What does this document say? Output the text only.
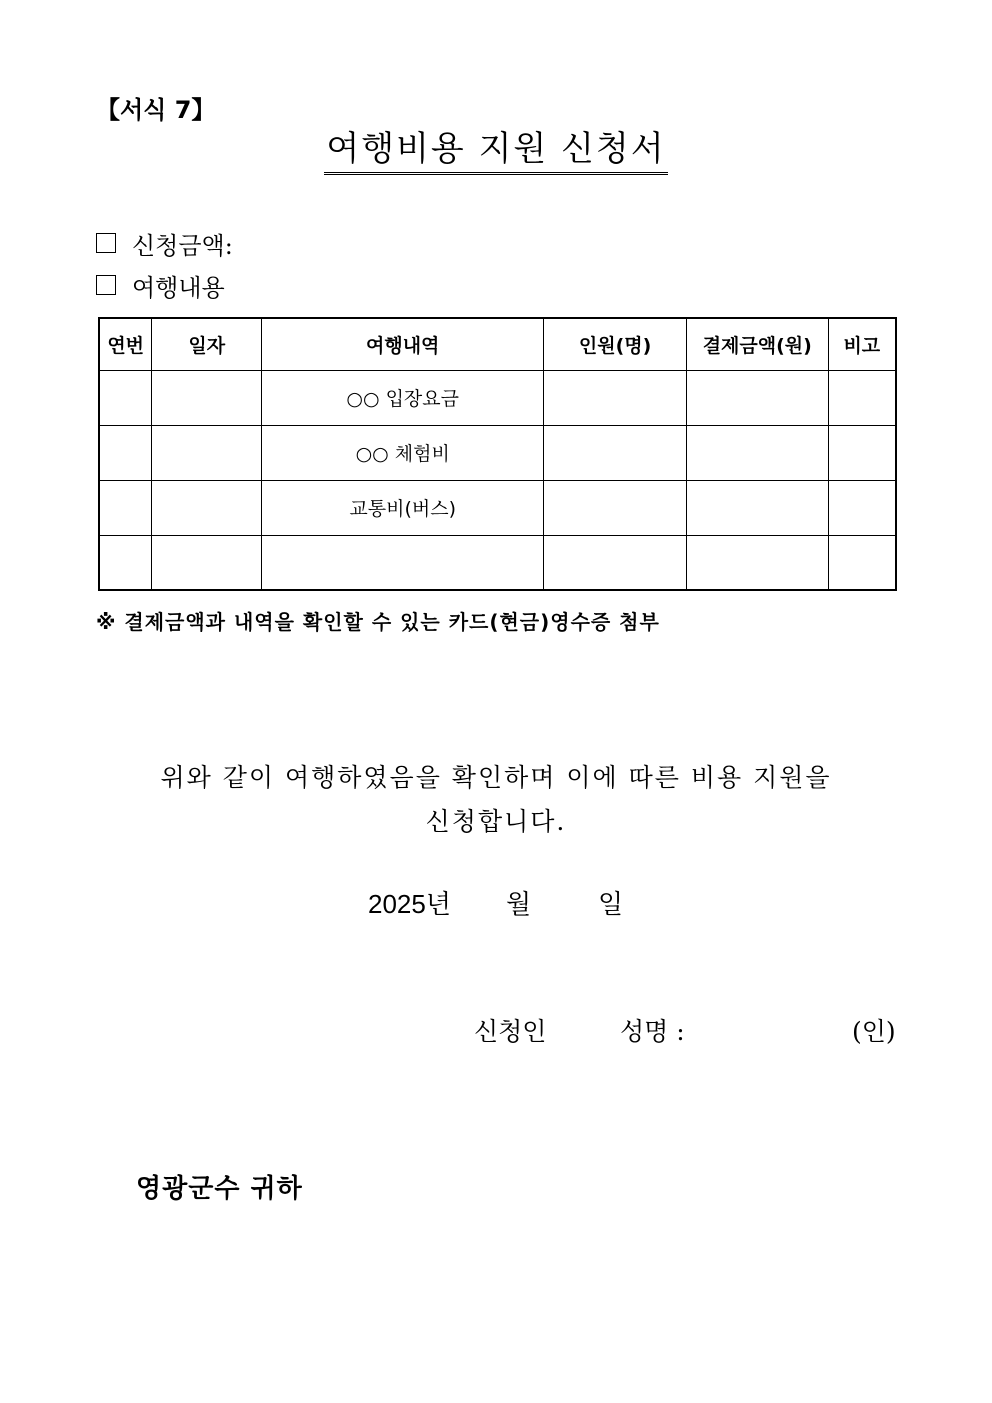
【서식 7】
여행비용 지원 신청서
신청금액:
여행내용
연번	일자	여행내역	인원(명)	결제금액(원)	비고
		○○ 입장요금			
		○○ 체험비			
		교통비(버스)			

※ 결제금액과 내역을 확인할 수 있는 카드(현금)영수증 첨부
위와 같이 여행하였음을 확인하며 이에 따른 비용 지원을
신청합니다.
2025년 월	일
신청인	성명 :	(인)
영광군수 귀하
